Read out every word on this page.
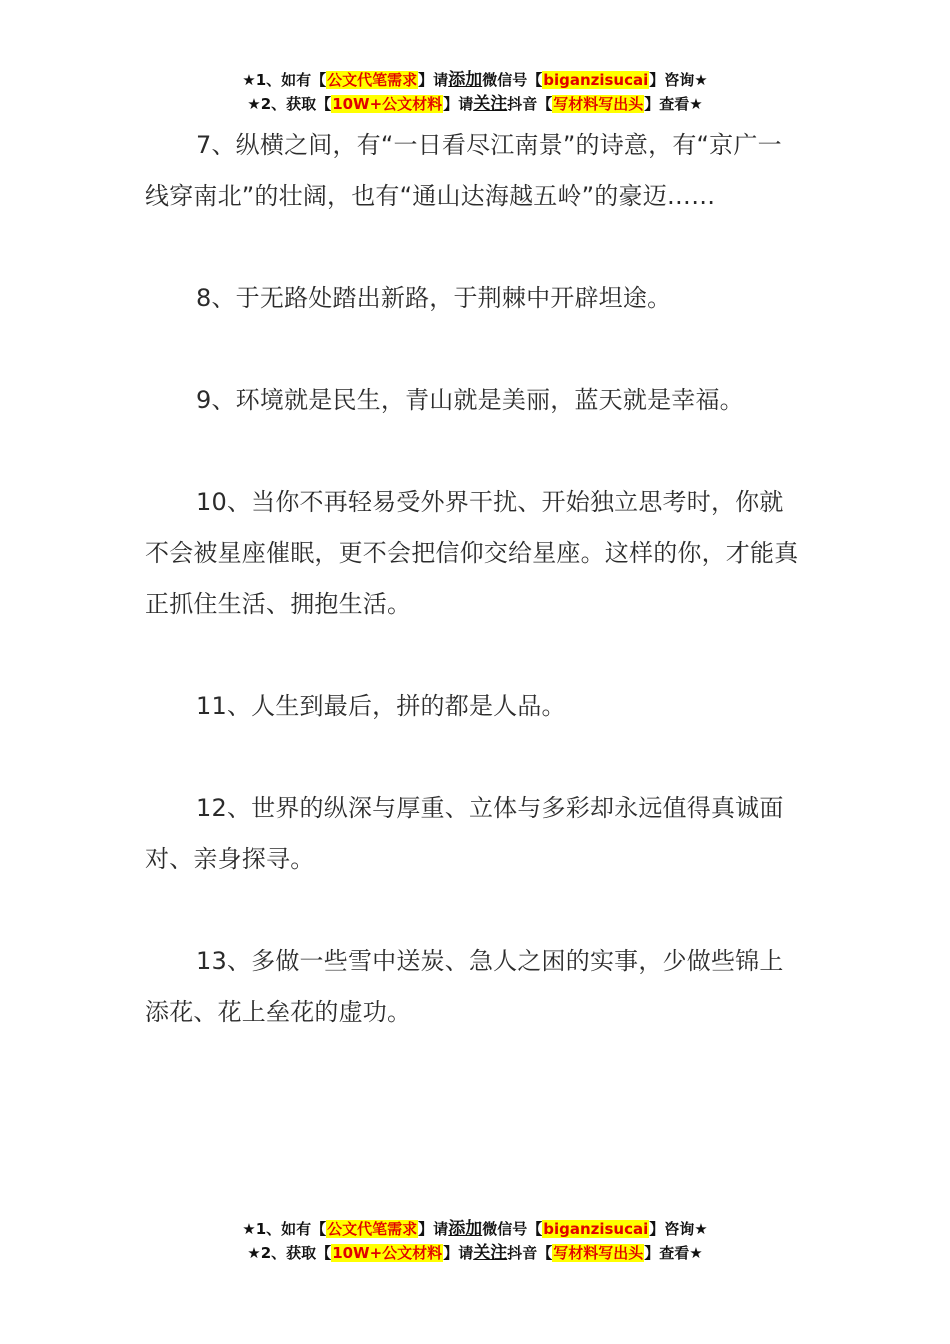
★1、如有【公文代笔需求】请添加微信号【biganzisucai】咨询★
★2、获取【10W+公文材料】请关注抖音【写材料写出头】查看★

7、纵横之间，有“一日看尽江南景”的诗意，有“京广一线穿南北”的壮阔，也有“通山达海越五岭”的豪迈……

8、于无路处踏出新路，于荆棘中开辟坦途。

9、环境就是民生，青山就是美丽，蓝天就是幸福。

10、当你不再轻易受外界干扰、开始独立思考时，你就不会被星座催眠，更不会把信仰交给星座。这样的你，才能真正抓住生活、拥抱生活。

11、人生到最后，拼的都是人品。

12、世界的纵深与厚重、立体与多彩却永远值得真诚面对、亲身探寻。

13、多做一些雪中送炭、急人之困的实事，少做些锦上添花、花上垒花的虚功。

★1、如有【公文代笔需求】请添加微信号【biganzisucai】咨询★
★2、获取【10W+公文材料】请关注抖音【写材料写出头】查看★
